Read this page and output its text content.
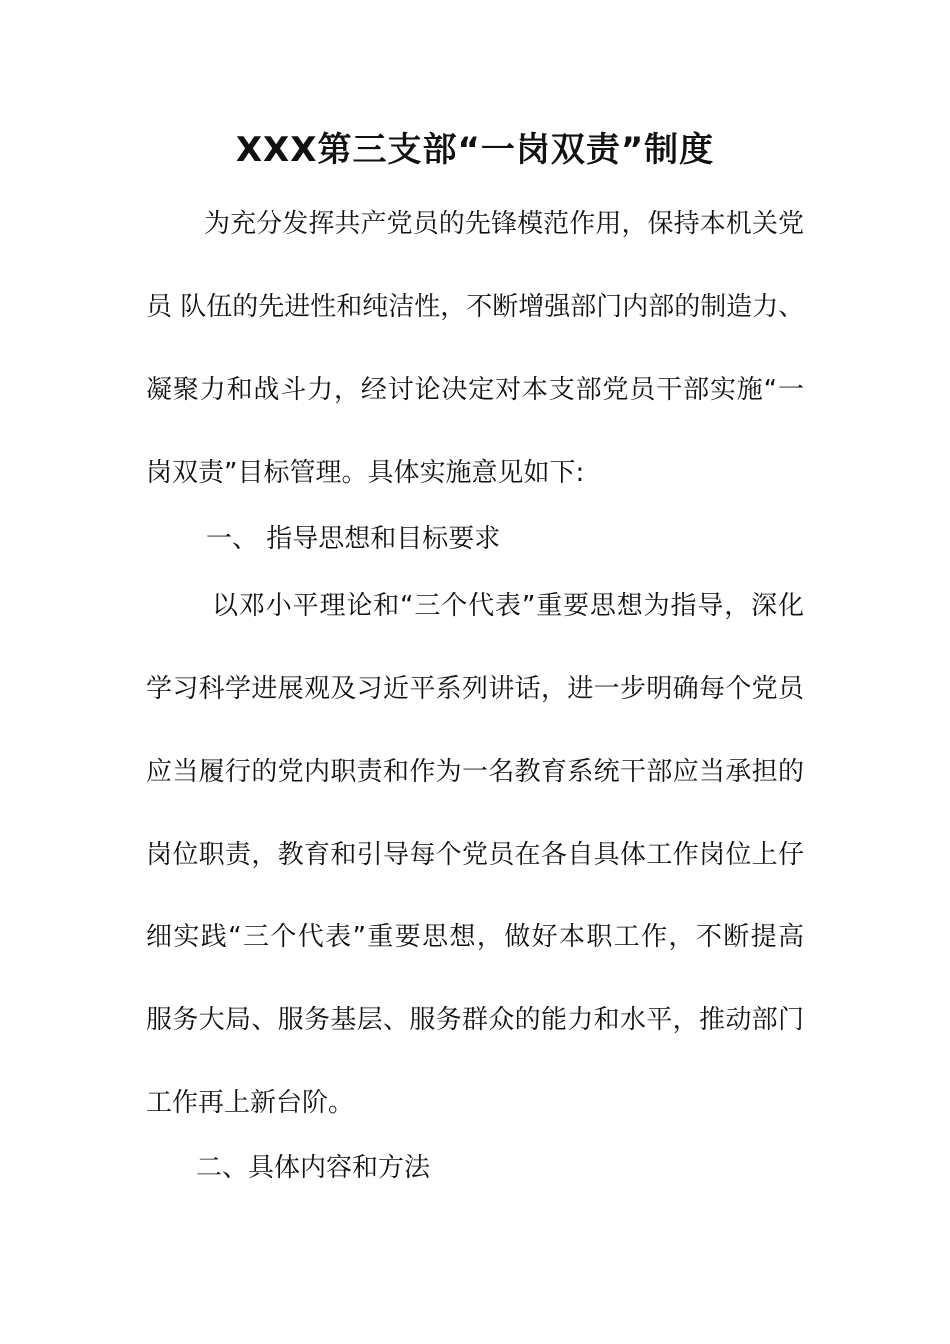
XXX第三支部“一岗双责”制度
为充分发挥共产党员的先锋模范作用，保持本机关党
员 队伍的先进性和纯洁性，不断增强部门内部的制造力、
凝聚力和战斗力，经讨论决定对本支部党员干部实施“一
岗双责”目标管理。具体实施意见如下:
一、 指导思想和目标要求
以邓小平理论和“三个代表”重要思想为指导，深化
学习科学进展观及习近平系列讲话，进一步明确每个党员
应当履行的党内职责和作为一名教育系统干部应当承担的
岗位职责，教育和引导每个党员在各自具体工作岗位上仔
细实践“三个代表”重要思想，做好本职工作，不断提高
服务大局、服务基层、服务群众的能力和水平，推动部门
工作再上新台阶。
二、具体内容和方法
